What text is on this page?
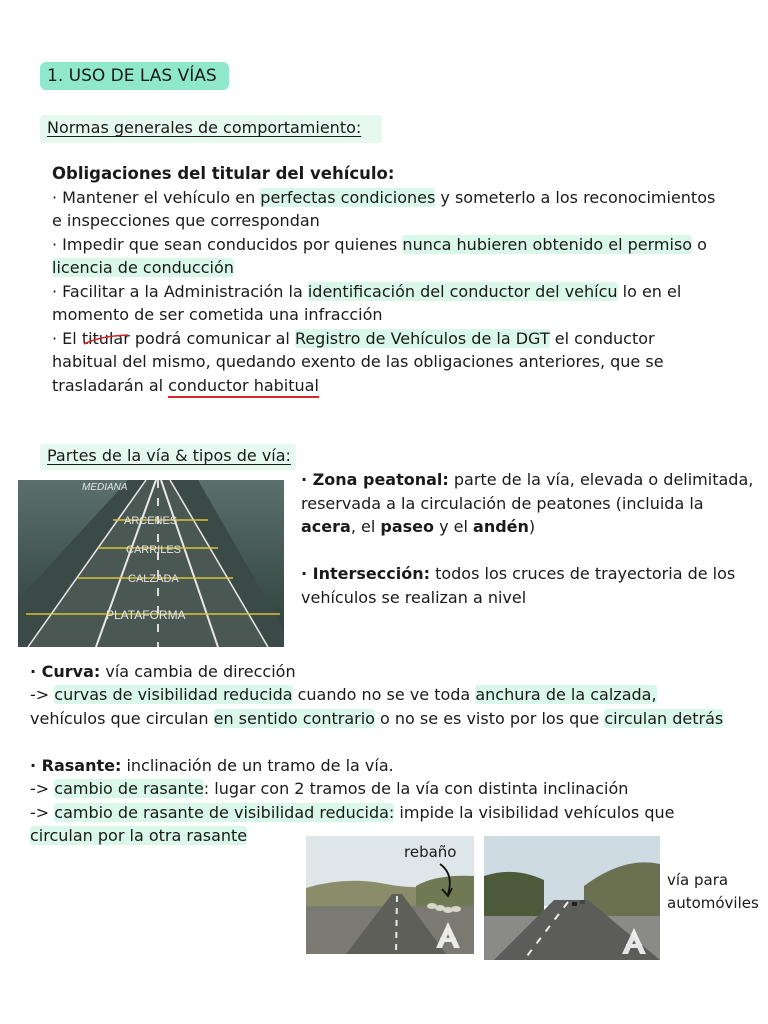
1. USO DE LAS VÍAS
Normas generales de comportamiento:
Obligaciones del titular del vehículo:
· Mantener el vehículo en perfectas condiciones y someterlo a los reconocimientos
e inspecciones que correspondan
· Impedir que sean conducidos por quienes nunca hubieren obtenido el permiso o
licencia de conducción
· Facilitar a la Administración la identificación del conductor del vehícu lo en el
momento de ser cometida una infracción
· El titular podrá comunicar al Registro de Vehículos de la DGT el conductor
habitual del mismo, quedando exento de las obligaciones anteriores, que se
trasladarán al conductor habitual
Partes de la vía & tipos de vía:
MEDIANA
ARCENES
CARRILES
CALZADA
PLATAFORMA
· Zona peatonal: parte de la vía, elevada o delimitada,
reservada a la circulación de peatones (incluida la
acera, el paseo y el andén)
· Intersección: todos los cruces de trayectoria de los
vehículos se realizan a nivel
· Curva: vía cambia de dirección
-> curvas de visibilidad reducida cuando no se ve toda anchura de la calzada,
vehículos que circulan en sentido contrario o no se es visto por los que circulan detrás
· Rasante: inclinación de un tramo de la vía.
-> cambio de rasante: lugar con 2 tramos de la vía con distinta inclinación
-> cambio de rasante de visibilidad reducida: impide la visibilidad vehículos que
circulan por la otra rasante
rebaño
vía para
automóviles
